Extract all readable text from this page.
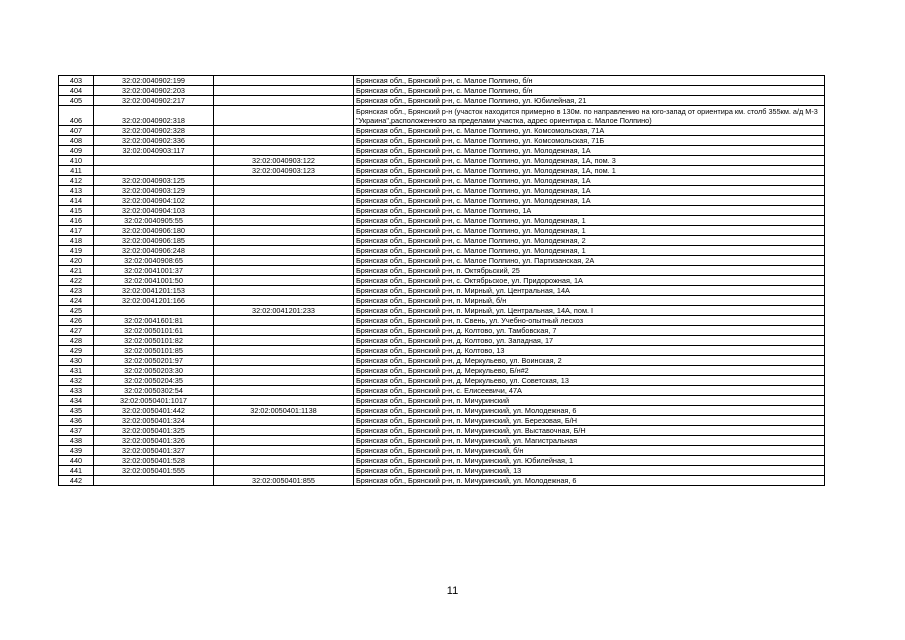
403	32:02:0040902:199		Брянская обл., Брянский р-н, с. Малое Полпино, б/н
404	32:02:0040902:203		Брянская обл., Брянский р-н, с. Малое Полпино, б/н
405	32:02:0040902:217		Брянская обл., Брянский р-н, с. Малое Полпино, ул. Юбилейная, 21
406	32:02:0040902:318		Брянская обл., Брянский р-н (участок находится примерно в 130м. по направлению на юго-запад от ориентира км. столб 355км. а/д М-3 "Украина",расположенного за пределами участка, адрес ориентира с. Малое Полпино)
407	32:02:0040902:328		Брянская обл., Брянский р-н, с. Малое Полпино, ул. Комсомольская, 71А
408	32:02:0040902:336		Брянская обл., Брянский р-н, с. Малое Полпино, ул. Комсомольская, 71Б
409	32:02:0040903:117		Брянская обл., Брянский р-н, с. Малое Полпино, ул. Молодежная, 1А
410		32:02:0040903:122	Брянская обл., Брянский р-н, с. Малое Полпино, ул. Молодежная, 1А, пом. 3
411		32:02:0040903:123	Брянская обл., Брянский р-н, с. Малое Полпино, ул. Молодежная, 1А, пом. 1
412	32:02:0040903:125		Брянская обл., Брянский р-н, с. Малое Полпино, ул. Молодежная, 1А
413	32:02:0040903:129		Брянская обл., Брянский р-н, с. Малое Полпино, ул. Молодежная, 1А
414	32:02:0040904:102		Брянская обл., Брянский р-н, с. Малое Полпино, ул. Молодежная, 1А
415	32:02:0040904:103		Брянская обл., Брянский р-н, с. Малое Полпино, 1А
416	32:02:0040905:55		Брянская обл., Брянский р-н, с. Малое Полпино, ул. Молодежная, 1
417	32:02:0040906:180		Брянская обл., Брянский р-н, с. Малое Полпино, ул. Молодежная, 1
418	32:02:0040906:185		Брянская обл., Брянский р-н, с. Малое Полпино, ул. Молодежная, 2
419	32:02:0040906:248		Брянская обл., Брянский р-н, с. Малое Полпино, ул. Молодежная, 1
420	32:02:0040908:65		Брянская обл., Брянский р-н, с. Малое Полпино, ул. Партизанская, 2А
421	32:02:0041001:37		Брянская обл., Брянский р-н, п. Октябрьский, 25
422	32:02:0041001:50		Брянская обл., Брянский р-н, с. Октябрьское, ул. Придорожная, 1А
423	32:02:0041201:153		Брянская обл., Брянский р-н, п. Мирный, ул. Центральная, 14А
424	32:02:0041201:166		Брянская обл., Брянский р-н, п. Мирный, б/н
425		32:02:0041201:233	Брянская обл., Брянский р-н, п. Мирный, ул. Центральная, 14А, пом. I
426	32:02:0041601:81		Брянская обл., Брянский р-н, п. Свень, ул. Учебно-опытный лесхоз
427	32:02:0050101:61		Брянская обл., Брянский р-н, д. Колтово, ул. Тамбовская, 7
428	32:02:0050101:82		Брянская обл., Брянский р-н, д. Колтово, ул. Западная, 17
429	32:02:0050101:85		Брянская обл., Брянский р-н, д. Колтово, 13
430	32:02:0050201:97		Брянская обл., Брянский р-н, д. Меркульево, ул. Воинская, 2
431	32:02:0050203:30		Брянская обл., Брянский р-н, д. Меркульево, Б/н#2
432	32:02:0050204:35		Брянская обл., Брянский р-н, д. Меркульево, ул. Советская, 13
433	32:02:0050302:54		Брянская обл., Брянский р-н, с. Елисеевичи, 47А
434	32:02:0050401:1017		Брянская обл., Брянский р-н, п. Мичуринский
435	32:02:0050401:442	32:02:0050401:1138	Брянская обл., Брянский р-н, п. Мичуринский, ул. Молодежная, 6
436	32:02:0050401:324		Брянская обл., Брянский р-н, п. Мичуринский, ул. Березовая, Б/Н
437	32:02:0050401:325		Брянская обл., Брянский р-н, п. Мичуринский, ул. Выставочная, Б/Н
438	32:02:0050401:326		Брянская обл., Брянский р-н, п. Мичуринский, ул. Магистральная
439	32:02:0050401:327		Брянская обл., Брянский р-н, п. Мичуринский, б/н
440	32:02:0050401:528		Брянская обл., Брянский р-н, п. Мичуринский, ул. Юбилейная, 1
441	32:02:0050401:555		Брянская обл., Брянский р-н, п. Мичуринский, 13
442		32:02:0050401:855	Брянская обл., Брянский р-н, п. Мичуринский, ул. Молодежная, 6
11
